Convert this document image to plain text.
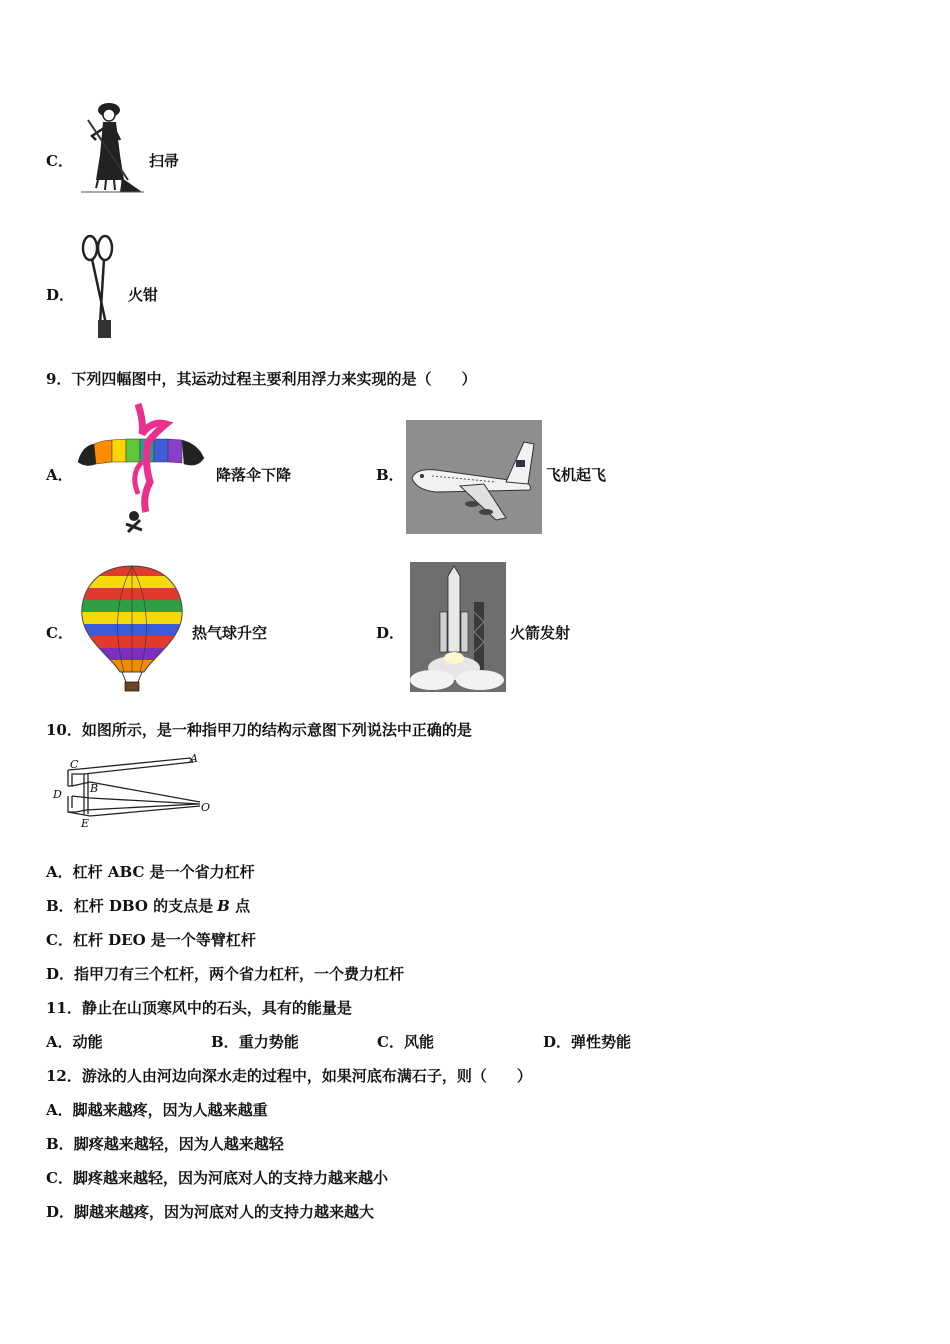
C．	扫帚
D．	火钳
9．下列四幅图中，其运动过程主要利用浮力来实现的是（　　）
A．	降落伞下降	B．	飞机起飞
C．	热气球升空	D．	火箭发射
10．如图所示，是一种指甲刀的结构示意图下列说法中正确的是
C	A
B
D
O
E
A．杠杆 ABC 是一个省力杠杆
B．杠杆 DBO 的支点是 B 点
C．杠杆 DEO 是一个等臂杠杆
D．指甲刀有三个杠杆，两个省力杠杆，一个费力杠杆
11．静止在山顶寒风中的石头，具有的能量是
A．动能	B．重力势能	C．风能	D．弹性势能
12．游泳的人由河边向深水走的过程中，如果河底布满石子，则（　　）
A．脚越来越疼，因为人越来越重
B．脚疼越来越轻，因为人越来越轻
C．脚疼越来越轻，因为河底对人的支持力越来越小
D．脚越来越疼，因为河底对人的支持力越来越大
